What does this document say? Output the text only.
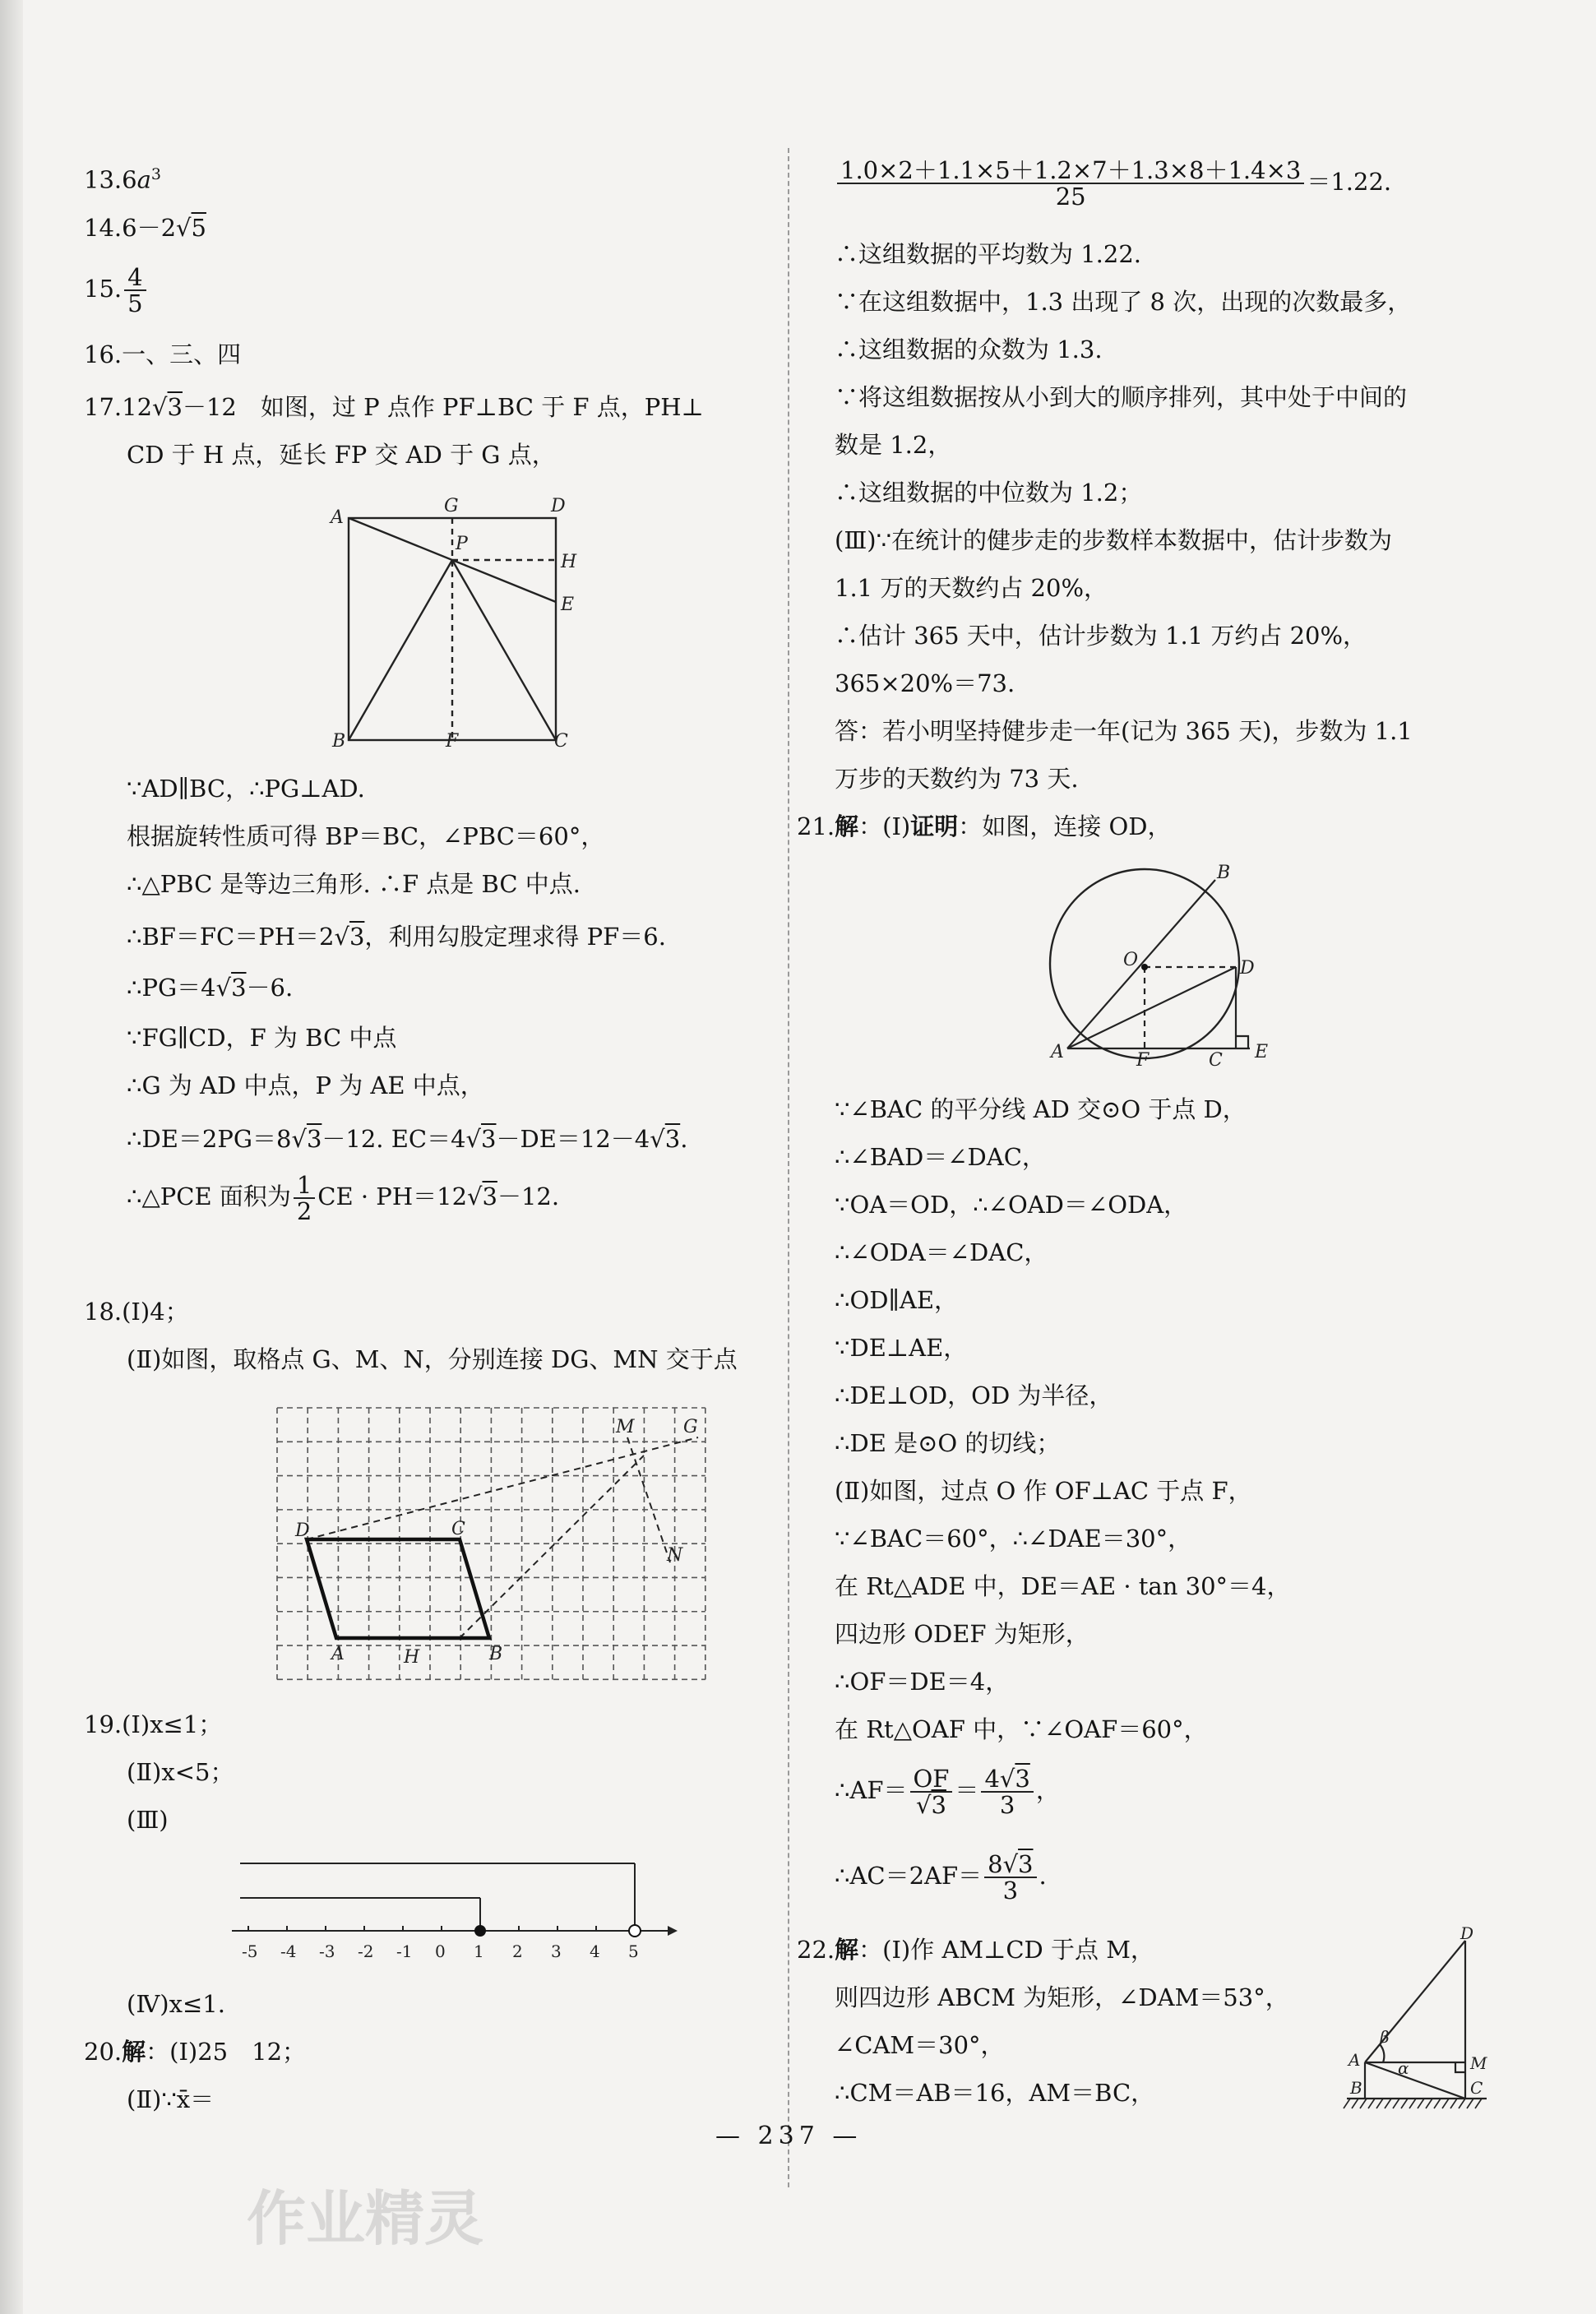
$13.6a^3$
14.6－2√5
15. $\frac{4}{5}$
16.一、三、四
17.12√3－12　如图，过 P 点作 PF⊥BC 于 F 点，PH⊥
CD 于 H 点，延长 FP 交 AD 于 G 点，
A
G	D
P
H
E
B	F	C
∵AD∥BC，∴PG⊥AD.
根据旋转性质可得 BP＝BC，∠PBC＝60°，
∴△PBC 是等边三角形. ∴F 点是 BC 中点.
∴BF＝FC＝PH＝2√3，利用勾股定理求得 PF＝6.
∴PG＝4√3－6.
∵FG∥CD，F 为 BC 中点
∴G 为 AD 中点，P 为 AE 中点，
∴DE＝2PG＝8√3－12. EC＝4√3－DE＝12－4√3.
∴△PCE 面积为 $\frac{1}{2}$ CE · PH＝12√3－12.
18.(Ⅰ)4；
(Ⅱ)如图，取格点 G、M、N，分别连接 DG、MN 交于点
M	G
D	C
N
A	H	B
19.(Ⅰ)x≤1；
(Ⅱ)x<5；
(Ⅲ)
-5 -4 -3 -2 -1 0 1 2 3 4 5
(Ⅳ)x≤1.
20.解：(Ⅰ)25　12；
(Ⅱ)∵x̄＝
$\frac{1.0\times 2+1.1\times 5+1.2\times 7+1.3\times 8+1.4\times 3}{25} =1.22$.
∴这组数据的平均数为 1.22.
∵在这组数据中，1.3 出现了 8 次，出现的次数最多，
∴这组数据的众数为 1.3.
∵将这组数据按从小到大的顺序排列，其中处于中间的
数是 1.2，
∴这组数据的中位数为 1.2；
(Ⅲ)∵在统计的健步走的步数样本数据中，估计步数为
1.1 万的天数约占 20%，
∴估计 365 天中，估计步数为 1.1 万约占 20%，
365×20%＝73.
答：若小明坚持健步走一年(记为 365 天)，步数为 1.1
万步的天数约为 73 天.
21.解：(Ⅰ)证明：如图，连接 OD，
B
O	D
A	F	C E
∵∠BAC 的平分线 AD 交⊙O 于点 D，
∴∠BAD＝∠DAC，
∵OA＝OD，∴∠OAD＝∠ODA，
∴∠ODA＝∠DAC，
∴OD∥AE，
∵DE⊥AE，
∴DE⊥OD，OD 为半径，
∴DE 是⊙O 的切线；
(Ⅱ)如图，过点 O 作 OF⊥AC 于点 F，
∵∠BAC＝60°，∴∠DAE＝30°，
在 Rt△ADE 中，DE＝AE · tan 30°＝4，
四边形 ODEF 为矩形，
∴OF＝DE＝4，
在 Rt△OAF 中，∵∠OAF＝60°，
∴AF＝ $\frac{OF}{√3} = \frac{4√3}{3}$ ，
∴AC＝2AF＝ $\frac{8√3}{3}$ .
22.解：(Ⅰ)作 AM⊥CD 于点 M，
则四边形 ABCM 为矩形，∠DAM＝53°，
∠CAM＝30°，
∴CM＝AB＝16，AM＝BC，
D
β
A α	M
B	C
— 237 —
作业精灵
